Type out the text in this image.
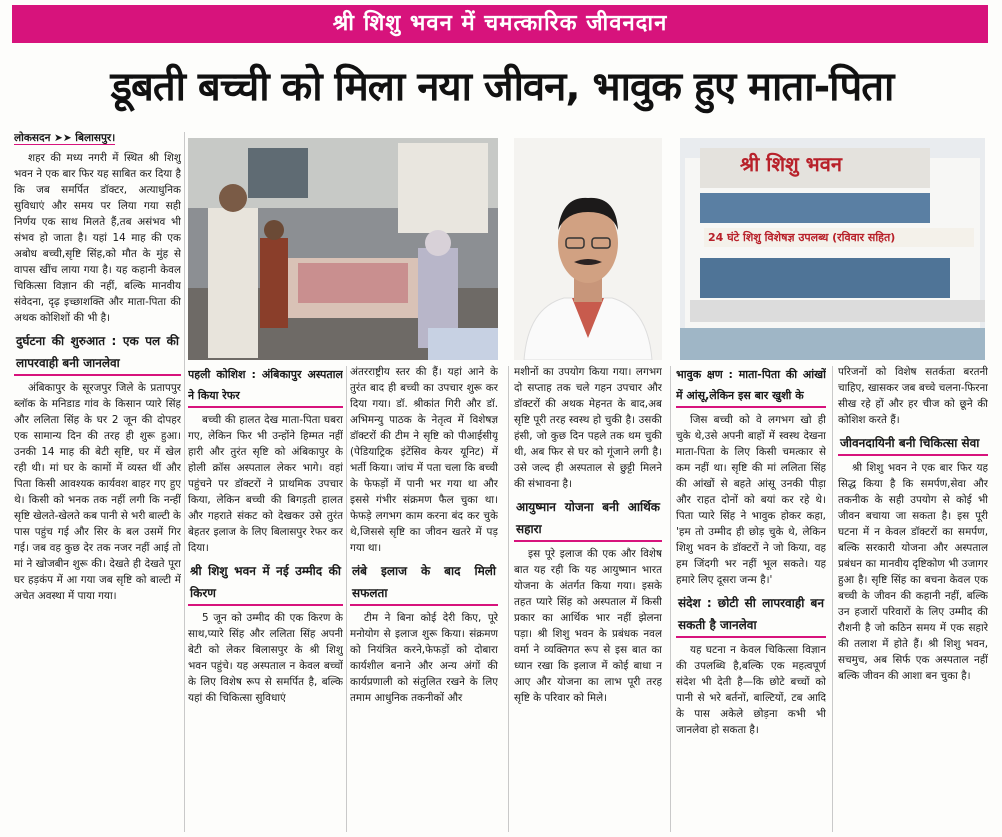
श्री शिशु भवन में चमत्कारिक जीवनदान
डूबती बच्ची को मिला नया जीवन, भावुक हुए माता-पिता
लोकसदन ➤➤ बिलासपुर।

शहर की मध्य नगरी में स्थित श्री शिशु भवन ने एक बार फिर यह साबित कर दिया है कि जब समर्पित डॉक्टर, अत्याधुनिक सुविधाएं और समय पर लिया गया सही निर्णय एक साथ मिलते हैं,तब असंभव भी संभव हो जाता है। यहां 14 माह की एक अबोध बच्ची,सृष्टि सिंह,को मौत के मुंह से वापस खींच लाया गया है। यह कहानी केवल चिकित्सा विज्ञान की नहीं, बल्कि मानवीय संवेदना, दृढ़ इच्छाशक्ति और माता-पिता की अथक कोशिशों की भी है।

दुर्घटना की शुरुआत : एक पल की लापरवाही बनी जानलेवा

अंबिकापुर के सूरजपुर जिले के प्रतापपुर ब्लॉक के मनिडाड गांव के किसान प्यारे सिंह और ललिता सिंह के घर 2 जून की दोपहर एक सामान्य दिन की तरह ही शुरू हुआ। उनकी 14 माह की बेटी सृष्टि, घर में खेल रही थी। मां घर के कामों में व्यस्त थीं और पिता किसी आवश्यक कार्यवश बाहर गए हुए थे। किसी को भनक तक नहीं लगी कि नन्हीं सृष्टि खेलते-खेलते कब पानी से भरी बाल्टी के पास पहुंच गई और सिर के बल उसमें गिर गई। जब वह कुछ देर तक नजर नहीं आई तो मां ने खोजबीन शुरू की। देखते ही देखते पूरा घर हड़कंप में आ गया जब सृष्टि को बाल्टी में अचेत अवस्था में पाया गया।

श्री शिशु भवन
24 घंटे शिशु विशेषज्ञ उपलब्ध (रविवार सहित)
पहली कोशिश : अंबिकापुर अस्पताल ने किया रेफर

बच्ची की हालत देख माता-पिता घबरा गए, लेकिन फिर भी उन्होंने हिम्मत नहीं हारी और तुरंत सृष्टि को अंबिकापुर के होली क्रॉस अस्पताल लेकर भागे। वहां पहुंचने पर डॉक्टरों ने प्राथमिक उपचार किया, लेकिन बच्ची की बिगड़ती हालत और गहराते संकट को देखकर उसे तुरंत बेहतर इलाज के लिए बिलासपुर रेफर कर दिया।

श्री शिशु भवन में नई उम्मीद की किरण

5 जून को उम्मीद की एक किरण के साथ,प्यारे सिंह और ललिता सिंह अपनी बेटी को लेकर बिलासपुर के श्री शिशु भवन पहुंचे। यह अस्पताल न केवल बच्चों के लिए विशेष रूप से समर्पित है, बल्कि यहां की चिकित्सा सुविधाएं

अंतरराष्ट्रीय स्तर की हैं। यहां आने के तुरंत बाद ही बच्ची का उपचार शुरू कर दिया गया। डॉ. श्रीकांत गिरी और डॉ. अभिमन्यु पाठक के नेतृत्व में विशेषज्ञ डॉक्टरों की टीम ने सृष्टि को पीआईसीयू (पेडियाट्रिक इंटेंसिव केयर यूनिट) में भर्ती किया। जांच में पता चला कि बच्ची के फेफड़ों में पानी भर गया था और इससे गंभीर संक्रमण फैल चुका था। फेफड़े लगभग काम करना बंद कर चुके थे,जिससे सृष्टि का जीवन खतरे में पड़ गया था।

लंबे इलाज के बाद मिली सफलता

टीम ने बिना कोई देरी किए, पूरे मनोयोग से इलाज शुरू किया। संक्रमण को नियंत्रित करने,फेफड़ों को दोबारा कार्यशील बनाने और अन्य अंगों की कार्यप्रणाली को संतुलित रखने के लिए तमाम आधुनिक तकनीकों और

मशीनों का उपयोग किया गया। लगभग दो सप्ताह तक चले गहन उपचार और डॉक्टरों की अथक मेहनत के बाद,अब सृष्टि पूरी तरह स्वस्थ हो चुकी है। उसकी हंसी, जो कुछ दिन पहले तक थम चुकी थी, अब फिर से घर को गूंजाने लगी है। उसे जल्द ही अस्पताल से छुट्टी मिलने की संभावना है।

आयुष्मान योजना बनी आर्थिक सहारा

इस पूरे इलाज की एक और विशेष बात यह रही कि यह आयुष्मान भारत योजना के अंतर्गत किया गया। इसके तहत प्यारे सिंह को अस्पताल में किसी प्रकार का आर्थिक भार नहीं झेलना पड़ा। श्री शिशु भवन के प्रबंधक नवल वर्मा ने व्यक्तिगत रूप से इस बात का ध्यान रखा कि इलाज में कोई बाधा न आए और योजना का लाभ पूरी तरह सृष्टि के परिवार को मिले।

भावुक क्षण : माता-पिता की आंखों में आंसू,लेकिन इस बार खुशी के

जिस बच्ची को वे लगभग खो ही चुके थे,उसे अपनी बाहों में स्वस्थ देखना माता-पिता के लिए किसी चमत्कार से कम नहीं था। सृष्टि की मां ललिता सिंह की आंखों से बहते आंसू उनकी पीड़ा और राहत दोनों को बयां कर रहे थे। पिता प्यारे सिंह ने भावुक होकर कहा, 'हम तो उम्मीद ही छोड़ चुके थे, लेकिन शिशु भवन के डॉक्टरों ने जो किया, वह हम जिंदगी भर नहीं भूल सकते। यह हमारे लिए दूसरा जन्म है।'

संदेश : छोटी सी लापरवाही बन सकती है जानलेवा

यह घटना न केवल चिकित्सा विज्ञान की उपलब्धि है,बल्कि एक महत्वपूर्ण संदेश भी देती है—कि छोटे बच्चों को पानी से भरे बर्तनों, बाल्टियों, टब आदि के पास अकेले छोड़ना कभी भी जानलेवा हो सकता है।

परिजनों को विशेष सतर्कता बरतनी चाहिए, खासकर जब बच्चे चलना-फिरना सीख रहे हों और हर चीज को छूने की कोशिश करते हैं।

जीवनदायिनी बनी चिकित्सा सेवा

श्री शिशु भवन ने एक बार फिर यह सिद्ध किया है कि समर्पण,सेवा और तकनीक के सही उपयोग से कोई भी जीवन बचाया जा सकता है। इस पूरी घटना में न केवल डॉक्टरों का समर्पण, बल्कि सरकारी योजना और अस्पताल प्रबंधन का मानवीय दृष्टिकोण भी उजागर हुआ है। सृष्टि सिंह का बचना केवल एक बच्ची के जीवन की कहानी नहीं, बल्कि उन हजारों परिवारों के लिए उम्मीद की रौशनी है जो कठिन समय में एक सहारे की तलाश में होते हैं। श्री शिशु भवन, सचमुच, अब सिर्फ एक अस्पताल नहीं बल्कि जीवन की आशा बन चुका है।
